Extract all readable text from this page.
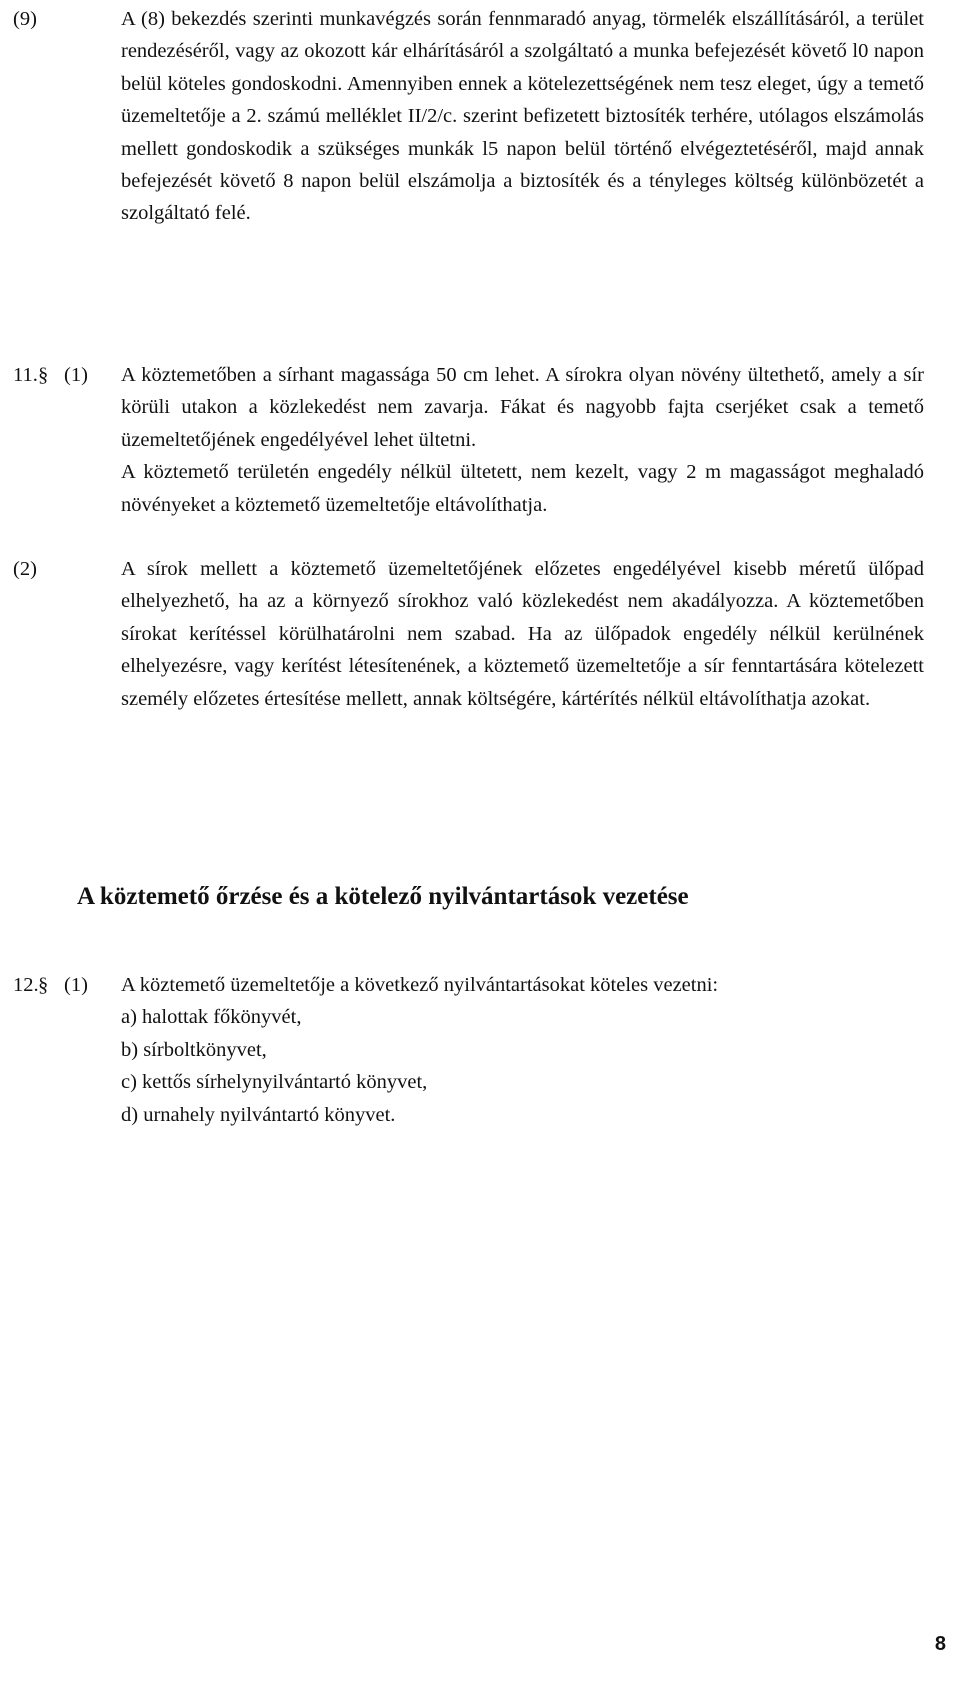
(9)	A (8) bekezdés szerinti munkavégzés során fennmaradó anyag, törmelék elszállításáról, a terület rendezéséről, vagy az okozott kár elhárításáról a szolgáltató a munka befejezését követő l0 napon belül köteles gondoskodni. Amennyiben ennek a kötelezettségének nem tesz eleget, úgy a temető üzemeltetője a 2. számú melléklet II/2/c. szerint befizetett biztosíték terhére, utólagos elszámolás mellett gondoskodik a szükséges munkák l5 napon belül történő elvégeztetéséről, majd annak befejezését követő 8 napon belül elszámolja a biztosíték és a tényleges költség különbözetét a szolgáltató felé.
11. § (1) A köztemetőben a sírhant magassága 50 cm lehet. A sírokra olyan növény ültethető, amely a sír körüli utakon a közlekedést nem zavarja. Fákat és nagyobb fajta cserjéket csak a temető üzemeltetőjének engedélyével lehet ültetni.
A köztemető területén engedély nélkül ültetett, nem kezelt, vagy 2 m magasságot meghaladó növényeket a köztemető üzemeltetője eltávolíthatja.
(2)	A sírok mellett a köztemető üzemeltetőjének előzetes engedélyével kisebb méretű ülőpad elhelyezhető, ha az a környező sírokhoz való közlekedést nem akadályozza. A köztemetőben sírokat kerítéssel körülhatárolni nem szabad. Ha az ülőpadok engedély nélkül kerülnének elhelyezésre, vagy kerítést létesítenének, a köztemető üzemeltetője a sír fenntartására kötelezett személy előzetes értesítése mellett, annak költségére, kártérítés nélkül eltávolíthatja azokat.
A köztemető őrzése és a kötelező nyilvántartások vezetése
12. § (1) A köztemető üzemeltetője a következő nyilvántartásokat köteles vezetni:
a) halottak főkönyvét,
b) sírboltkönyvet,
c) kettős sírhelynyilvántartó könyvet,
d) urnahely nyilvántartó könyvet.
8
